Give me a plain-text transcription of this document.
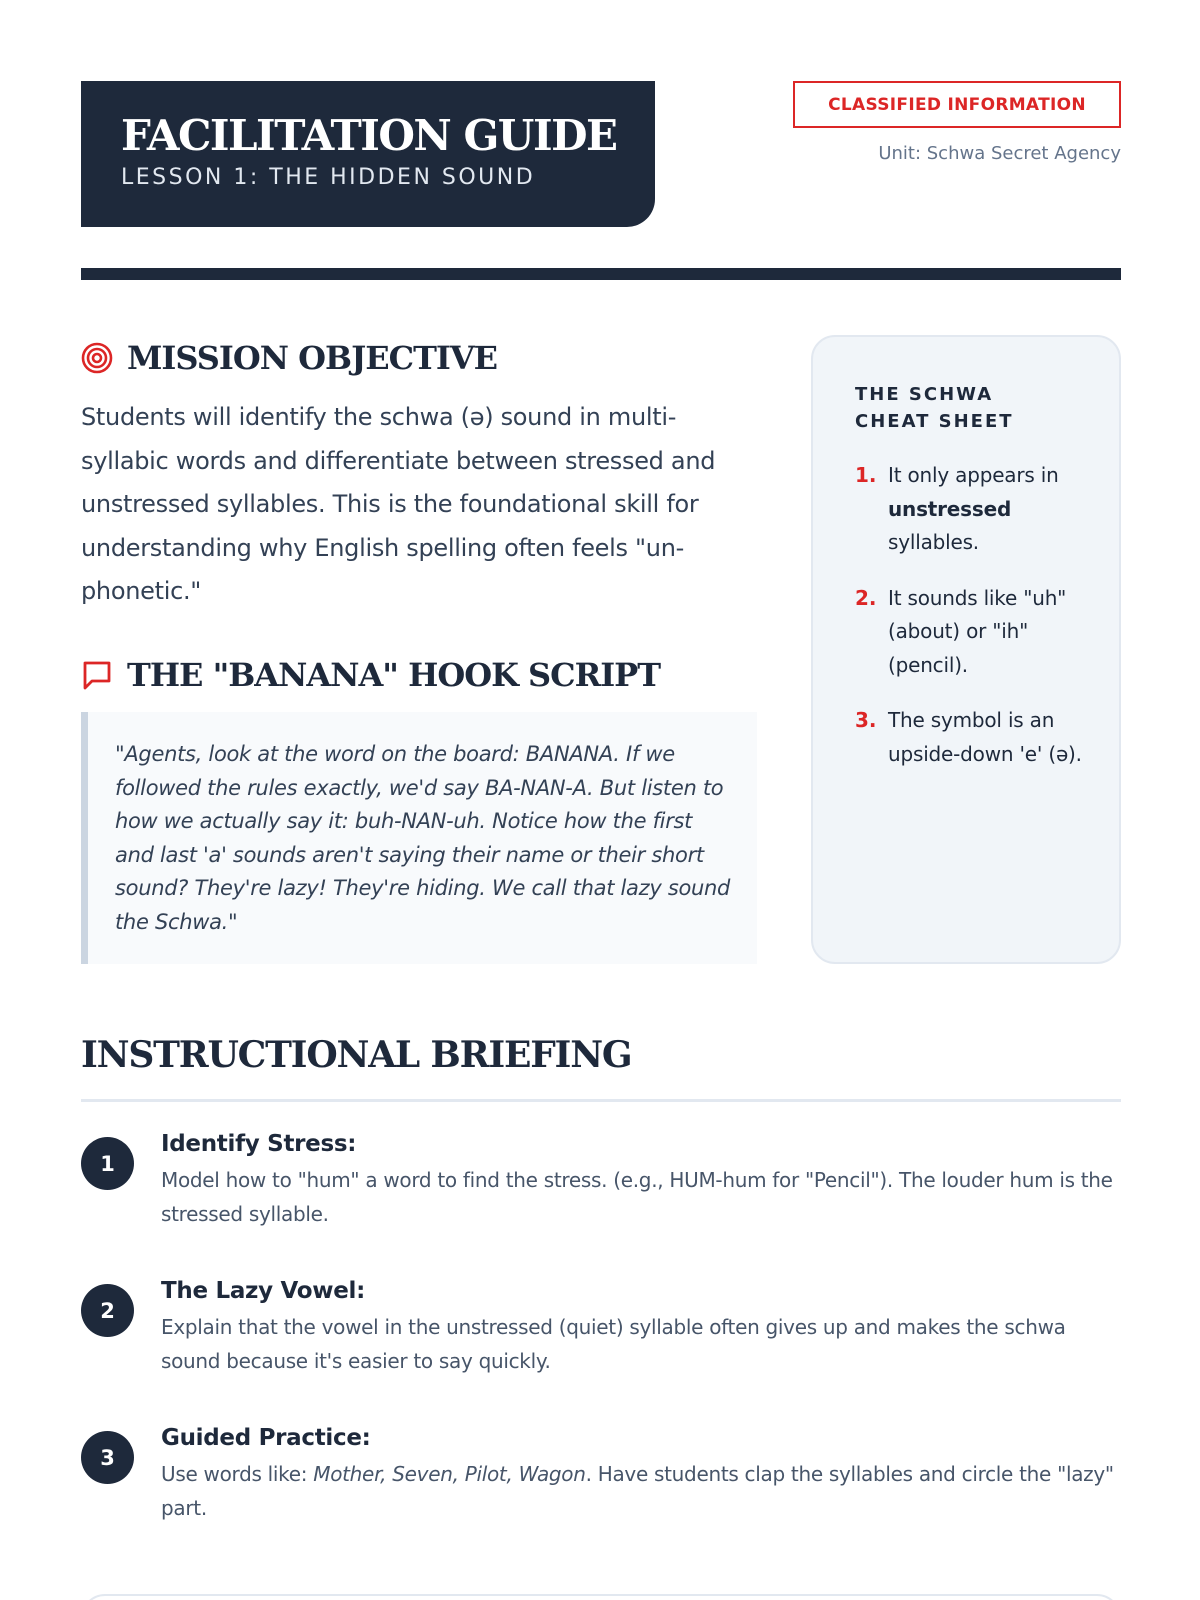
FACILITATION GUIDE
LESSON 1: THE HIDDEN SOUND
CLASSIFIED INFORMATION
Unit: Schwa Secret Agency
MISSION OBJECTIVE

Students will identify the schwa (ə) sound in multi-syllabic words and differentiate between stressed and unstressed syllables. This is the foundational skill for understanding why English spelling often feels "un-phonetic."

THE "BANANA" HOOK SCRIPT

"Agents, look at the word on the board: BANANA. If we followed the rules exactly, we'd say BA-NAN-A. But listen to how we actually say it: buh-NAN-uh. Notice how the first and last 'a' sounds aren't saying their name or their short sound? They're lazy! They're hiding. We call that lazy sound the Schwa."

THE SCHWA
CHEAT SHEET
1. It only appears in unstressed syllables.
2. It sounds like "uh" (about) or "ih" (pencil).
3. The symbol is an upside-down 'e' (ə).
INSTRUCTIONAL BRIEFING
1
Identify Stress:
Model how to "hum" a word to find the stress. (e.g., HUM-hum for "Pencil"). The louder hum is the stressed syllable.
2
The Lazy Vowel:
Explain that the vowel in the unstressed (quiet) syllable often gives up and makes the schwa sound because it's easier to say quickly.
3
Guided Practice:
Use words like: Mother, Seven, Pilot, Wagon. Have students clap the syllables and circle the "lazy" part.
